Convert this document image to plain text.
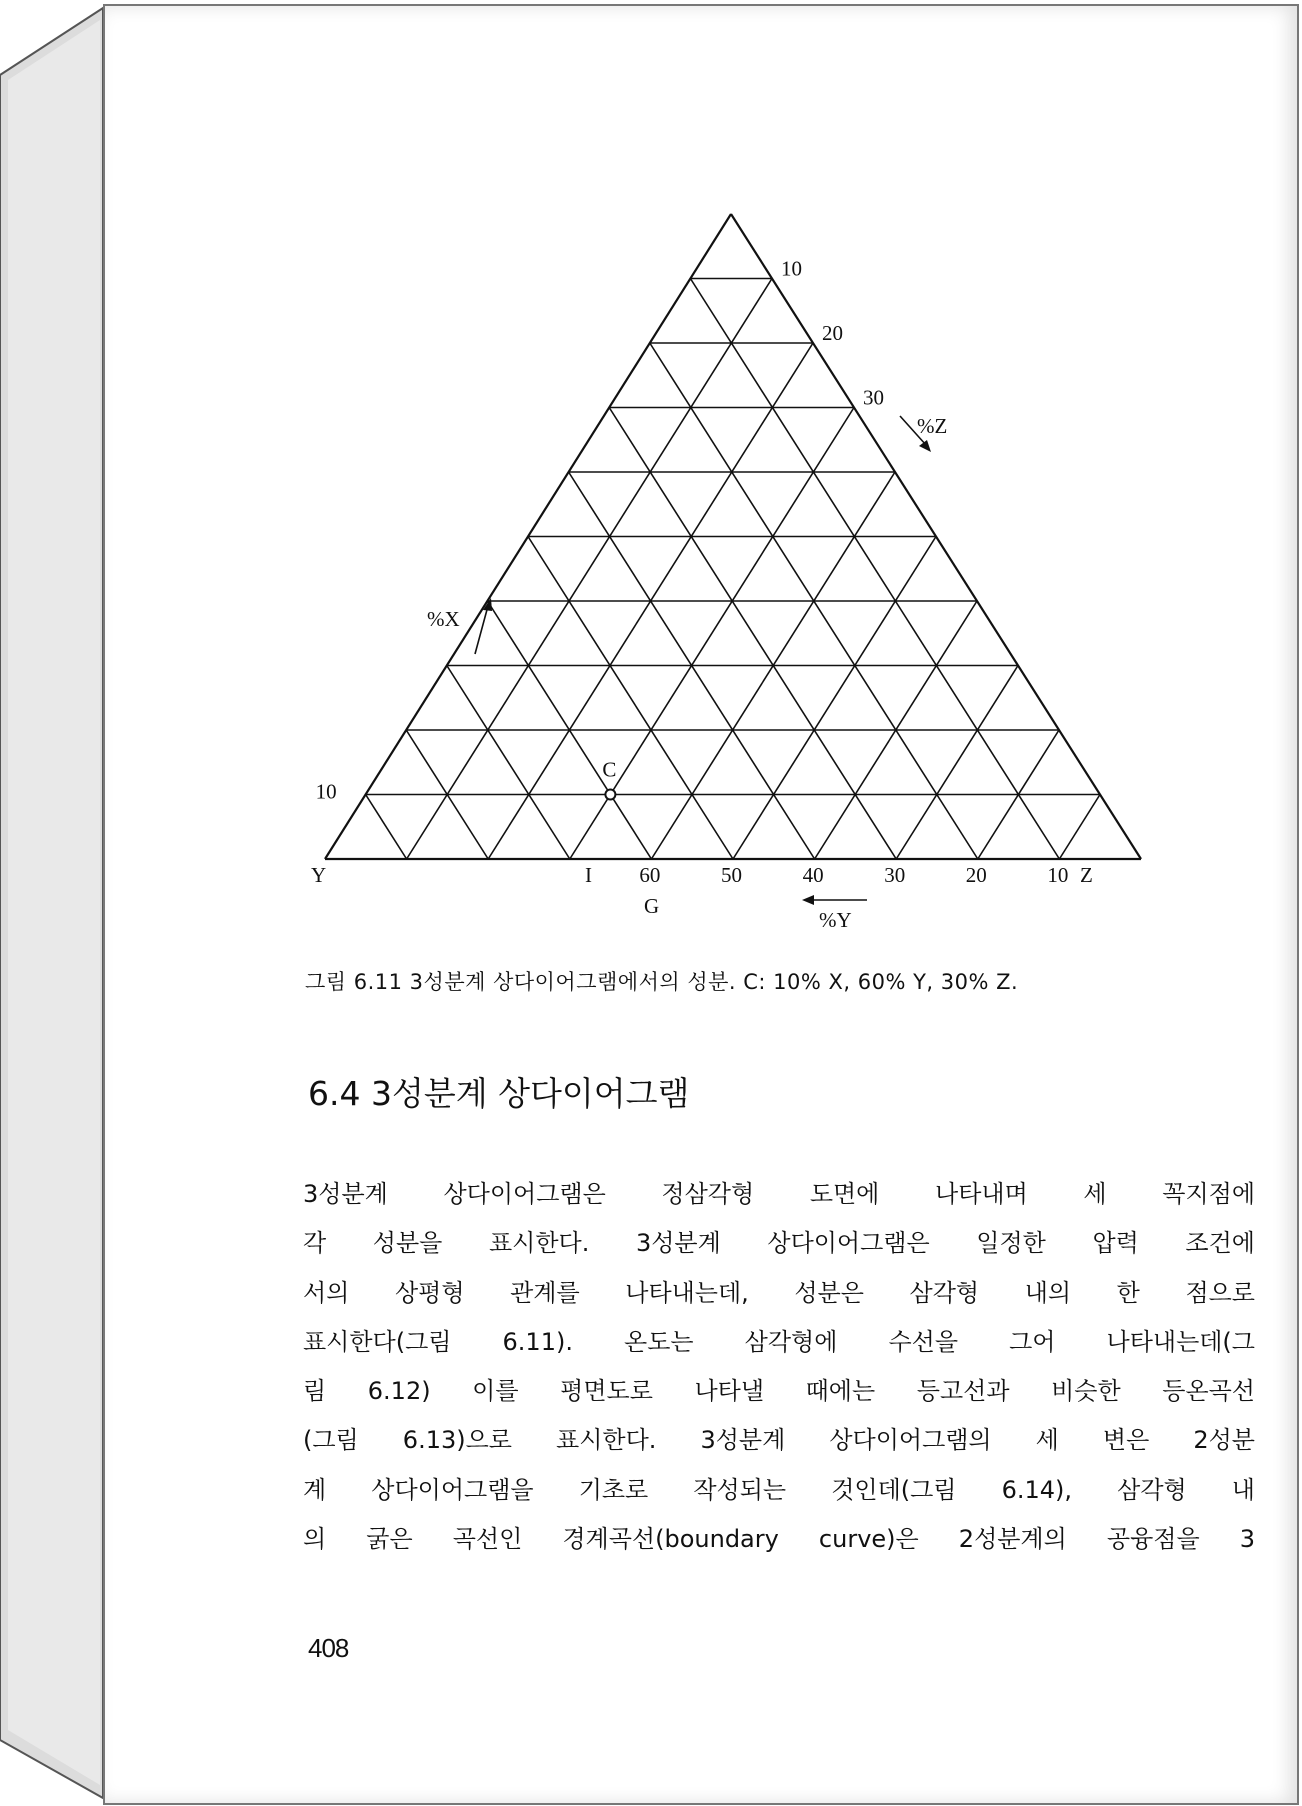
10
20
30
10
60	50	40	30	20	10
Y	Z
I
G
%X
%Z
%Y
C
그림 6.11 3성분계 상다이어그램에서의 성분. C: 10% X, 60% Y, 30% Z.
6.4 3성분계 상다이어그램

3성분계 상다이어그램은 정삼각형 도면에 나타내며 세 꼭지점에
각 성분을 표시한다. 3성분계 상다이어그램은 일정한 압력 조건에
서의 상평형 관계를 나타내는데, 성분은 삼각형 내의 한 점으로
표시한다(그림 6.11). 온도는 삼각형에 수선을 그어 나타내는데(그
림 6.12) 이를 평면도로 나타낼 때에는 등고선과 비슷한 등온곡선
(그림 6.13)으로 표시한다. 3성분계 상다이어그램의 세 변은 2성분
계 상다이어그램을 기초로 작성되는 것인데(그림 6.14), 삼각형 내
의 굵은 곡선인 경계곡선(boundary curve)은 2성분계의 공융점을 3

408
